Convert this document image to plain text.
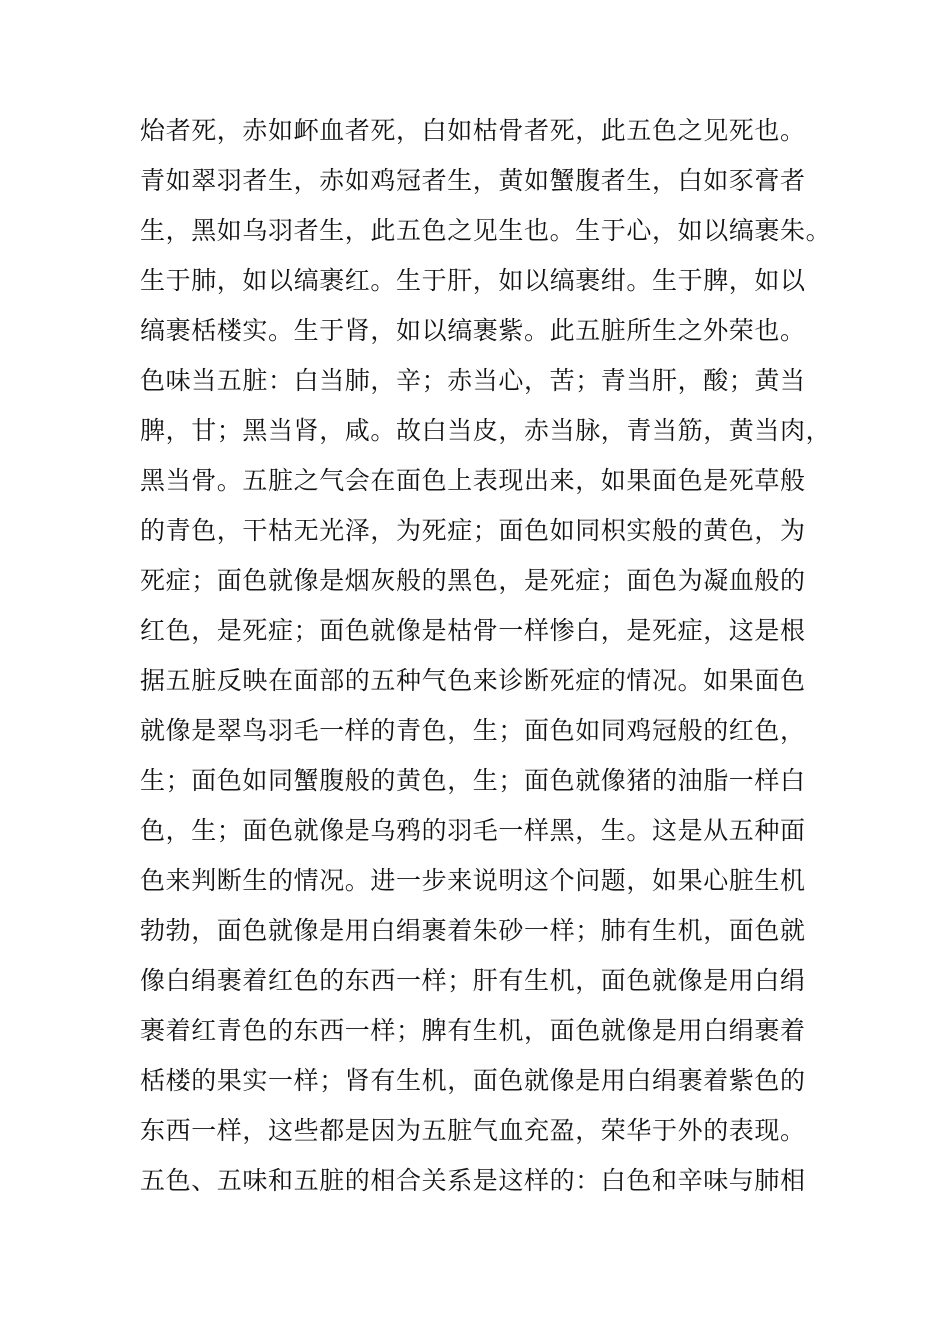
炲者死，赤如衃血者死，白如枯骨者死，此五色之见死也。
青如翠羽者生，赤如鸡冠者生，黄如蟹腹者生，白如豕膏者
生，黑如乌羽者生，此五色之见生也。生于心，如以缟裹朱。
生于肺，如以缟裹红。生于肝，如以缟裹绀。生于脾，如以
缟裹栝楼实。生于肾，如以缟裹紫。此五脏所生之外荣也。
色味当五脏：白当肺，辛；赤当心，苦；青当肝，酸；黄当
脾，甘；黑当肾，咸。故白当皮，赤当脉，青当筋，黄当肉，
黑当骨。五脏之气会在面色上表现出来，如果面色是死草般
的青色，干枯无光泽，为死症；面色如同枳实般的黄色，为
死症；面色就像是烟灰般的黑色，是死症；面色为凝血般的
红色，是死症；面色就像是枯骨一样惨白，是死症，这是根
据五脏反映在面部的五种气色来诊断死症的情况。如果面色
就像是翠鸟羽毛一样的青色，生；面色如同鸡冠般的红色，
生；面色如同蟹腹般的黄色，生；面色就像猪的油脂一样白
色，生；面色就像是乌鸦的羽毛一样黑，生。这是从五种面
色来判断生的情况。进一步来说明这个问题，如果心脏生机
勃勃，面色就像是用白绢裹着朱砂一样；肺有生机，面色就
像白绢裹着红色的东西一样；肝有生机，面色就像是用白绢
裹着红青色的东西一样；脾有生机，面色就像是用白绢裹着
栝楼的果实一样；肾有生机，面色就像是用白绢裹着紫色的
东西一样，这些都是因为五脏气血充盈，荣华于外的表现。
五色、五味和五脏的相合关系是这样的：白色和辛味与肺相
